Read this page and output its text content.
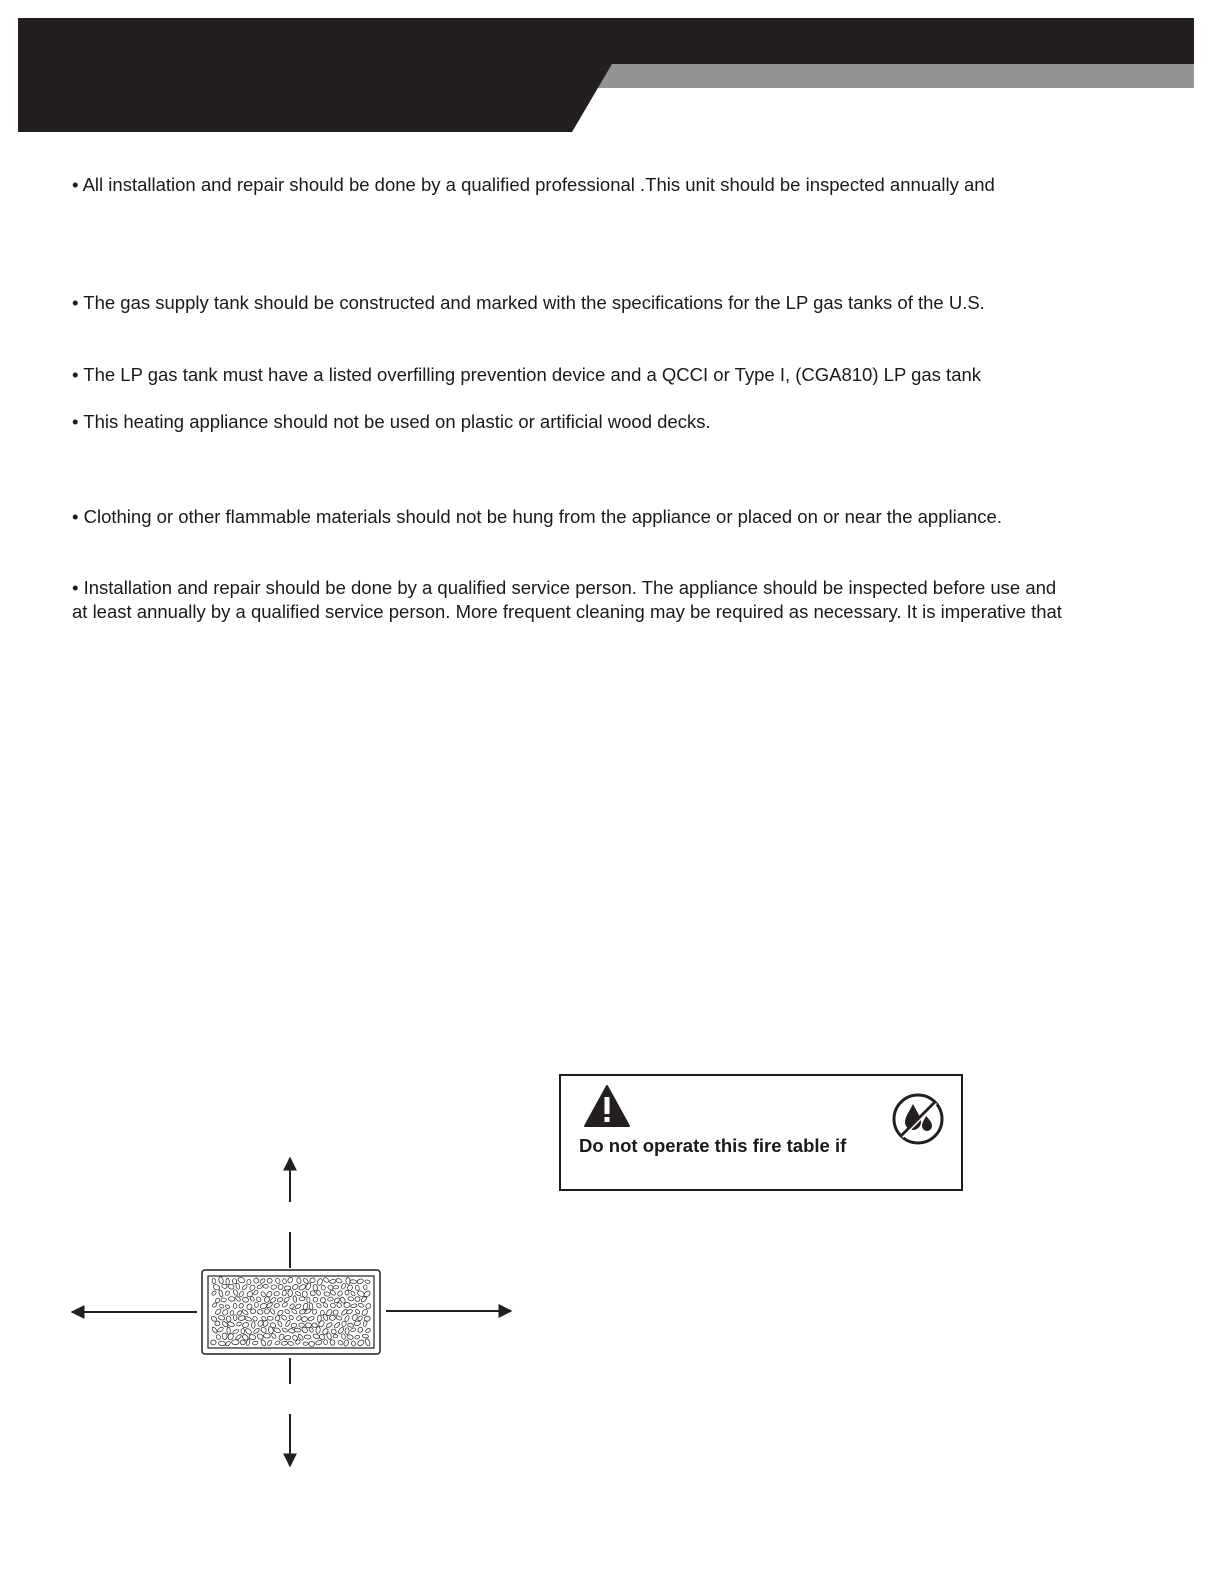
• All installation and repair should be done by a qualified professional .This unit should be inspected annually and
• The gas supply tank should be constructed and marked with the specifications for the LP gas tanks of the U.S.
• The LP gas tank must have a listed overfilling prevention device and a QCCI or Type I, (CGA810) LP gas tank
• This heating appliance should not be used on plastic or artificial wood decks.
• Clothing or other flammable materials should not be hung from the appliance or placed on or near the appliance.
• Installation and repair should be done by a qualified service person. The appliance should be inspected before use and
at least annually by a qualified service person. More frequent cleaning may be required as necessary. It is imperative that
Do not operate this fire table if
